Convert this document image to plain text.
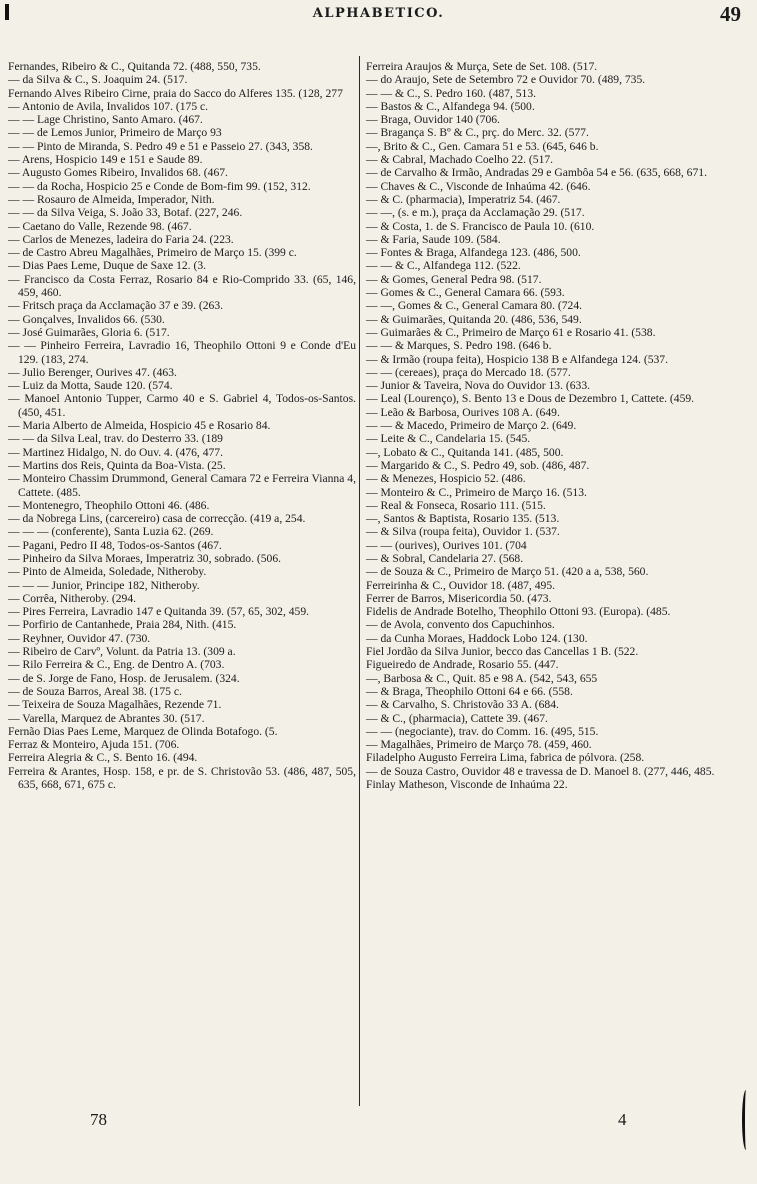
ALPHABETICO.	49
Fernandes, Ribeiro & C., Quitanda 72. (488, 550, 735.
— da Silva & C., S. Joaquim 24. (517.
Fernando Alves Ribeiro Cirne, praia do Sacco do Alferes 135. (128, 277
— Antonio de Avila, Invalidos 107. (175 c.
— — Lage Christino, Santo Amaro. (467.
— — de Lemos Junior, Primeiro de Março 93
— — Pinto de Miranda, S. Pedro 49 e 51 e Passeio 27. (343, 358.
— Arens, Hospicio 149 e 151 e Saude 89.
— Augusto Gomes Ribeiro, Invalidos 68. (467.
— — da Rocha, Hospicio 25 e Conde de Bom-fim 99. (152, 312.
— — Rosauro de Almeida, Imperador, Nith.
— — da Silva Veiga, S. João 33, Botaf. (227, 246.
— Caetano do Valle, Rezende 98. (467.
— Carlos de Menezes, ladeira do Faria 24. (223.
— de Castro Abreu Magalhães, Primeiro de Março 15. (399 c.
— Dias Paes Leme, Duque de Saxe 12. (3.
— Francisco da Costa Ferraz, Rosario 84 e Rio-Comprido 33. (65, 146, 459, 460.
— Fritsch praça da Acclamação 37 e 39. (263.
— Gonçalves, Invalidos 66. (530.
— José Guimarães, Gloria 6. (517.
— — Pinheiro Ferreira, Lavradio 16, Theophilo Ottoni 9 e Conde d'Eu 129. (183, 274.
— Julio Berenger, Ourives 47. (463.
— Luiz da Motta, Saude 120. (574.
— Manoel Antonio Tupper, Carmo 40 e S. Gabriel 4, Todos-os-Santos. (450, 451.
— Maria Alberto de Almeida, Hospicio 45 e Rosario 84.
— — da Silva Leal, trav. do Desterro 33. (189
— Martinez Hidalgo, N. do Ouv. 4. (476, 477.
— Martins dos Reis, Quinta da Boa-Vista. (25.
— Monteiro Chassim Drummond, General Camara 72 e Ferreira Vianna 4, Cattete. (485.
— Montenegro, Theophilo Ottoni 46. (486.
— da Nobrega Lins, (carcereiro) casa de correcção. (419 a, 254.
— — — (conferente), Santa Luzia 62. (269.
— Pagani, Pedro II 48, Todos-os-Santos (467.
— Pinheiro da Silva Moraes, Imperatriz 30, sobrado. (506.
— Pinto de Almeida, Soledade, Nitheroby.
— — — Junior, Principe 182, Nitheroby.
— Corrêa, Nitheroby. (294.
— Pires Ferreira, Lavradio 147 e Quitanda 39. (57, 65, 302, 459.
— Porfirio de Cantanhede, Praia 284, Nith. (415.
— Reyhner, Ouvidor 47. (730.
— Ribeiro de Carvº, Volunt. da Patria 13. (309 a.
— Rilo Ferreira & C., Eng. de Dentro A. (703.
— de S. Jorge de Fano, Hosp. de Jerusalem. (324.
— de Souza Barros, Areal 38. (175 c.
— Teixeira de Souza Magalhães, Rezende 71.
— Varella, Marquez de Abrantes 30. (517.
Fernão Dias Paes Leme, Marquez de Olinda Botafogo. (5.
Ferraz & Monteiro, Ajuda 151. (706.
Ferreira Alegria & C., S. Bento 16. (494.
Ferreira & Arantes, Hosp. 158, e pr. de S. Christovão 53. (486, 487, 505, 635, 668, 671, 675 c.
Ferreira Araujos & Murça, Sete de Set. 108. (517.
— do Araujo, Sete de Setembro 72 e Ouvidor 70. (489, 735.
— — & C., S. Pedro 160. (487, 513.
— Bastos & C., Alfandega 94. (500.
— Braga, Ouvidor 140 (706.
— Bragança S. Bº & C., prç. do Merc. 32. (577.
—, Brito & C., Gen. Camara 51 e 53. (645, 646 b.
— & Cabral, Machado Coelho 22. (517.
— de Carvalho & Irmão, Andradas 29 e Gambôa 54 e 56. (635, 668, 671.
— Chaves & C., Visconde de Inhaúma 42. (646.
— & C. (pharmacia), Imperatriz 54. (467.
— —, (s. e m.), praça da Acclamação 29. (517.
— & Costa, 1. de S. Francisco de Paula 10. (610.
— & Faria, Saude 109. (584.
— Fontes & Braga, Alfandega 123. (486, 500.
— — & C., Alfandega 112. (522.
— & Gomes, General Pedra 98. (517.
— Gomes & C., General Camara 66. (593.
— —, Gomes & C., General Camara 80. (724.
— & Guimarães, Quitanda 20. (486, 536, 549.
— Guimarães & C., Primeiro de Março 61 e Rosario 41. (538.
— — & Marques, S. Pedro 198. (646 b.
— & Irmão (roupa feita), Hospicio 138 B e Alfandega 124. (537.
— — (cereaes), praça do Mercado 18. (577.
— Junior & Taveira, Nova do Ouvidor 13. (633.
— Leal (Lourenço), S. Bento 13 e Dous de Dezembro 1, Cattete. (459.
— Leão & Barbosa, Ourives 108 A. (649.
— — & Macedo, Primeiro de Março 2. (649.
— Leite & C., Candelaria 15. (545.
—, Lobato & C., Quitanda 141. (485, 500.
— Margarido & C., S. Pedro 49, sob. (486, 487.
— & Menezes, Hospicio 52. (486.
— Monteiro & C., Primeiro de Março 16. (513.
— Real & Fonseca, Rosario 111. (515.
—, Santos & Baptista, Rosario 135. (513.
— & Silva (roupa feita), Ouvidor 1. (537.
— — (ourives), Ourives 101. (704
— & Sobral, Candelaria 27. (568.
— de Souza & C., Primeiro de Março 51. (420 a a, 538, 560.
Ferreirinha & C., Ouvidor 18. (487, 495.
Ferrer de Barros, Misericordia 50. (473.
Fidelis de Andrade Botelho, Theophilo Ottoni 93. (Europa). (485.
— de Avola, convento dos Capuchinhos.
— da Cunha Moraes, Haddock Lobo 124. (130.
Fiel Jordão da Silva Junior, becco das Cancellas 1 B. (522.
Figueiredo de Andrade, Rosario 55. (447.
—, Barbosa & C., Quit. 85 e 98 A. (542, 543, 655
— & Braga, Theophilo Ottoni 64 e 66. (558.
— & Carvalho, S. Christovão 33 A. (684.
— & C., (pharmacia), Cattete 39. (467.
— — (negociante), trav. do Comm. 16. (495, 515.
— Magalhães, Primeiro de Março 78. (459, 460.
Filadelpho Augusto Ferreira Lima, fabrica de pólvora. (258.
— de Souza Castro, Ouvidor 48 e travessa de D. Manoel 8. (277, 446, 485.
Finlay Matheson, Visconde de Inhaúma 22.
78	4
